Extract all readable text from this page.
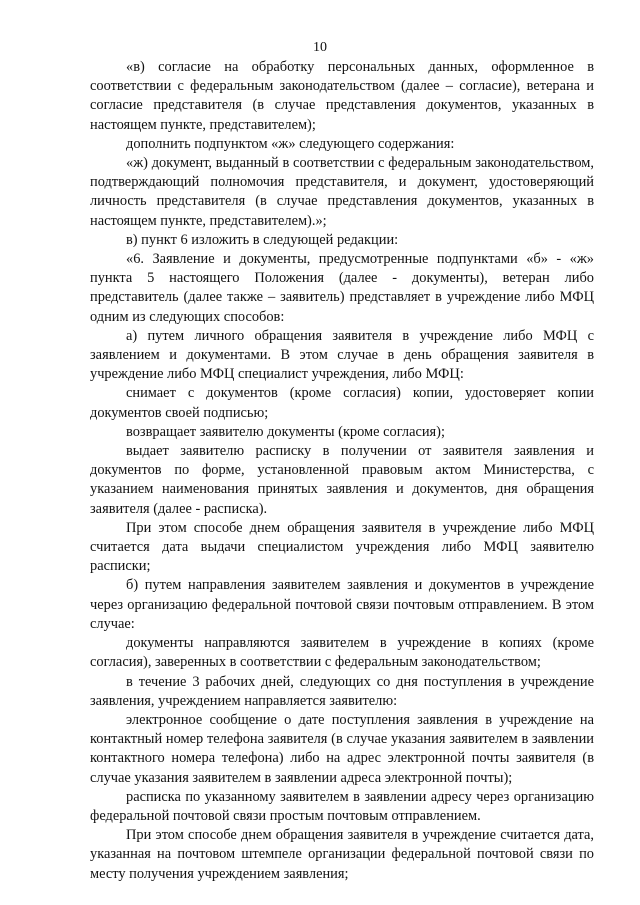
10

«в) согласие на обработку персональных данных, оформленное в соответствии с федеральным законодательством (далее – согласие), ветерана и согласие представителя (в случае представления документов, указанных в настоящем пункте, представителем);

дополнить подпунктом «ж» следующего содержания:

«ж) документ, выданный в соответствии с федеральным законодательством, подтверждающий полномочия представителя, и документ, удостоверяющий личность представителя (в случае представления документов, указанных в настоящем пункте, представителем).»;

в) пункт 6 изложить в следующей редакции:

«6. Заявление и документы, предусмотренные подпунктами «б» - «ж» пункта 5 настоящего Положения (далее - документы), ветеран либо представитель (далее также – заявитель) представляет в учреждение либо МФЦ одним из следующих способов:

а) путем личного обращения заявителя в учреждение либо МФЦ с заявлением и документами. В этом случае в день обращения заявителя в учреждение либо МФЦ специалист учреждения, либо МФЦ:

снимает с документов (кроме согласия) копии, удостоверяет копии документов своей подписью;

возвращает заявителю документы (кроме согласия);

выдает заявителю расписку в получении от заявителя заявления и документов по форме, установленной правовым актом Министерства, с указанием наименования принятых заявления и документов, дня обращения заявителя (далее - расписка).

При этом способе днем обращения заявителя в учреждение либо МФЦ считается дата выдачи специалистом учреждения либо МФЦ заявителю расписки;

б) путем направления заявителем заявления и документов в учреждение через организацию федеральной почтовой связи почтовым отправлением. В этом случае:

документы направляются заявителем в учреждение в копиях (кроме согласия), заверенных в соответствии с федеральным законодательством;

в течение 3 рабочих дней, следующих со дня поступления в учреждение заявления, учреждением направляется заявителю:

электронное сообщение о дате поступления заявления в учреждение на контактный номер телефона заявителя (в случае указания заявителем в заявлении контактного номера телефона) либо на адрес электронной почты заявителя (в случае указания заявителем в заявлении адреса электронной почты);

расписка по указанному заявителем в заявлении адресу через организацию федеральной почтовой связи простым почтовым отправлением.

При этом способе днем обращения заявителя в учреждение считается дата, указанная на почтовом штемпеле организации федеральной почтовой связи по месту получения учреждением заявления;
